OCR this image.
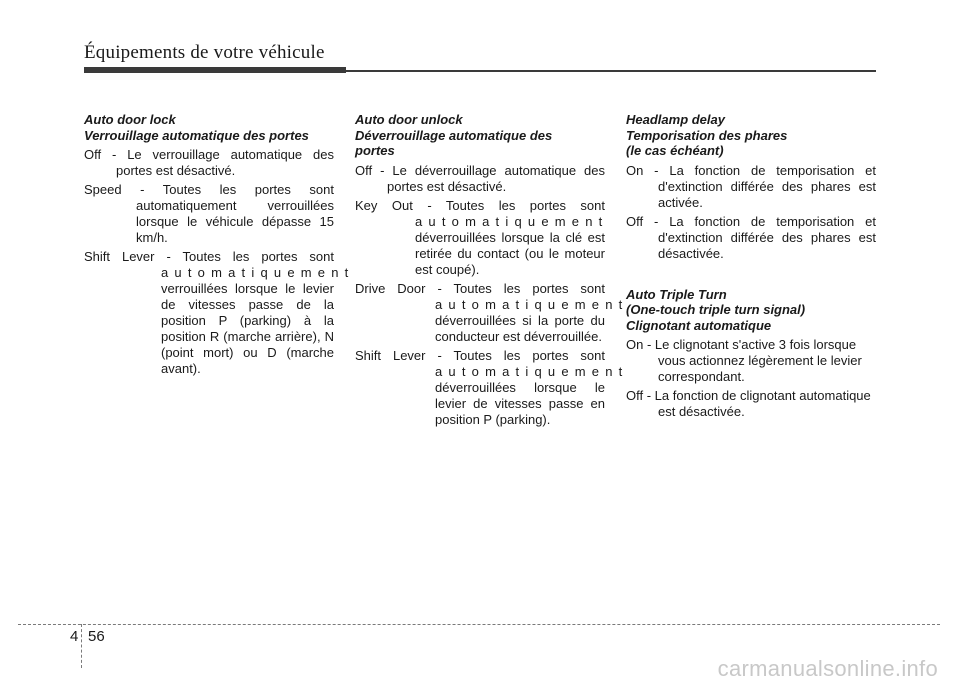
Équipements de votre véhicule
Auto door lock
Verrouillage automatique des portes
Off - Le verrouillage automatique des portes est désactivé.
Speed - Toutes les portes sont automatiquement verrouillées lorsque le véhicule dépasse 15 km/h.
Shift Lever - Toutes les portes sont automatiquement verrouillées lorsque le levier de vitesses passe de la position P (parking) à la position R (marche arrière), N (point mort) ou D (marche avant).
Auto door unlock
Déverrouillage automatique des
portes
Off - Le déverrouillage automatique des portes est désactivé.
Key Out - Toutes les portes sont automatiquement déverrouillées lorsque la clé est retirée du contact (ou le moteur est coupé).
Drive Door - Toutes les portes sont automatiquement déverrouillées si la porte du conducteur est déverrouillée.
Shift Lever - Toutes les portes sont automatiquement déverrouillées lorsque le levier de vitesses passe en position P (parking).
Headlamp delay
Temporisation des phares
(le cas échéant)
On - La fonction de temporisation et d'extinction différée des phares est activée.
Off - La fonction de temporisation et d'extinction différée des phares est désactivée.
Auto Triple Turn
(One-touch triple turn signal)
Clignotant automatique
On - Le clignotant s'active 3 fois lorsque vous actionnez légèrement le levier correspondant.
Off - La fonction de clignotant automatique est désactivée.
4 56
carmanualsonline.info
